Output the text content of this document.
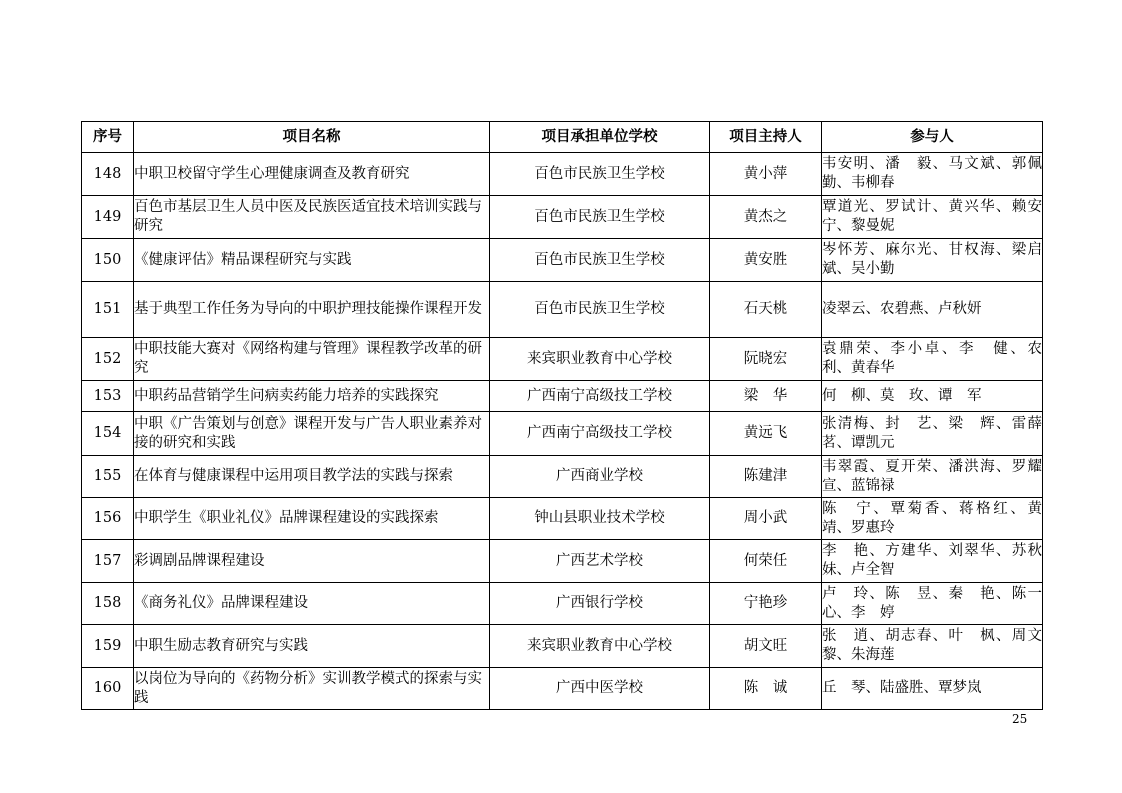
序号	项目名称	项目承担单位学校	项目主持人	参与人
148	中职卫校留守学生心理健康调查及教育研究	百色市民族卫生学校	黄小萍	韦安明、潘　毅、马文斌、郭佩勤、韦柳春
149	百色市基层卫生人员中医及民族医适宜技术培训实践与研究	百色市民族卫生学校	黄杰之	覃道光、罗试计、黄兴华、赖安宁、黎曼妮
150	《健康评估》精品课程研究与实践	百色市民族卫生学校	黄安胜	岑怀芳、麻尔光、甘权海、梁启斌、吴小勤
151	基于典型工作任务为导向的中职护理技能操作课程开发	百色市民族卫生学校	石天桃	凌翠云、农碧燕、卢秋妍
152	中职技能大赛对《网络构建与管理》课程教学改革的研究	来宾职业教育中心学校	阮晓宏	袁鼎荣、李小卓、李　健、农　利、黄春华
153	中职药品营销学生问病卖药能力培养的实践探究	广西南宁高级技工学校	梁　华	何　柳、莫　玫、谭　军
154	中职《广告策划与创意》课程开发与广告人职业素养对接的研究和实践	广西南宁高级技工学校	黄远飞	张清梅、封　艺、梁　辉、雷薛茗、谭凯元
155	在体育与健康课程中运用项目教学法的实践与探索	广西商业学校	陈建津	韦翠霞、夏开荣、潘洪海、罗耀宣、蓝锦禄
156	中职学生《职业礼仪》品牌课程建设的实践探索	钟山县职业技术学校	周小武	陈　宁、覃菊香、蒋格红、黄　靖、罗惠玲
157	彩调剧品牌课程建设	广西艺术学校	何荣任	李　艳、方建华、刘翠华、苏秋妹、卢全智
158	《商务礼仪》品牌课程建设	广西银行学校	宁艳珍	卢　玲、陈　昱、秦　艳、陈一心、李　婷
159	中职生励志教育研究与实践	来宾职业教育中心学校	胡文旺	张　逍、胡志春、叶　枫、周文黎、朱海莲
160	以岗位为导向的《药物分析》实训教学模式的探索与实践	广西中医学校	陈　诚	丘　琴、陆盛胜、覃梦岚
25
